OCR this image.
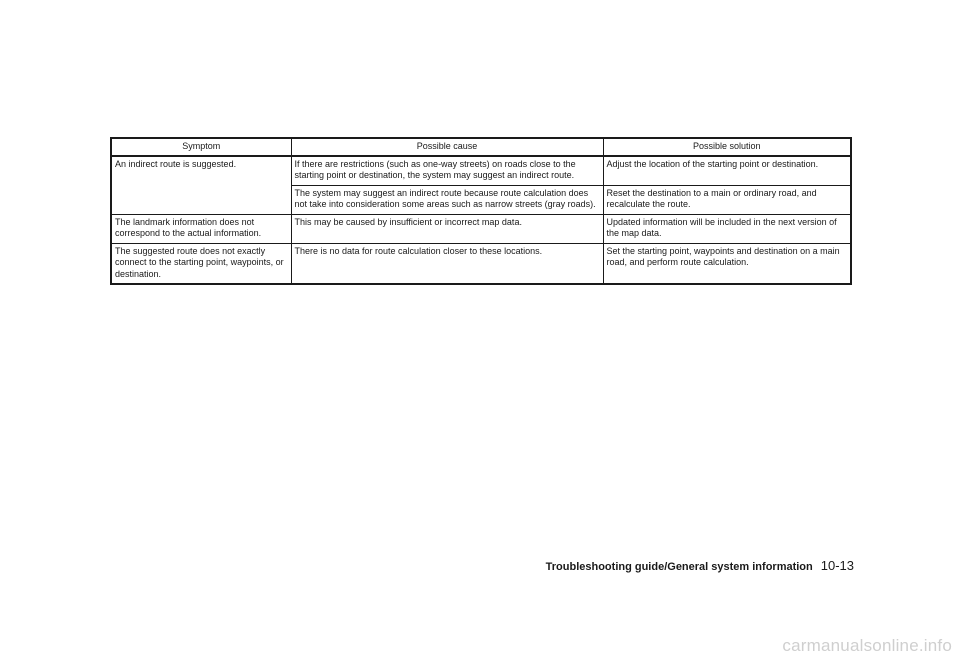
Symptom	Possible cause	Possible solution
An indirect route is suggested.	If there are restrictions (such as one-way streets) on roads close to the starting point or destination, the system may suggest an indirect route.	Adjust the location of the starting point or destination.
	The system may suggest an indirect route because route calculation does not take into consideration some areas such as narrow streets (gray roads).	Reset the destination to a main or ordinary road, and recalculate the route.
The landmark information does not correspond to the actual information.	This may be caused by insufficient or incorrect map data.	Updated information will be included in the next version of the map data.
The suggested route does not exactly connect to the starting point, waypoints, or destination.	There is no data for route calculation closer to these locations.	Set the starting point, waypoints and destination on a main road, and perform route calculation.
Troubleshooting guide/General system information 10-13
carmanualsonline.info
